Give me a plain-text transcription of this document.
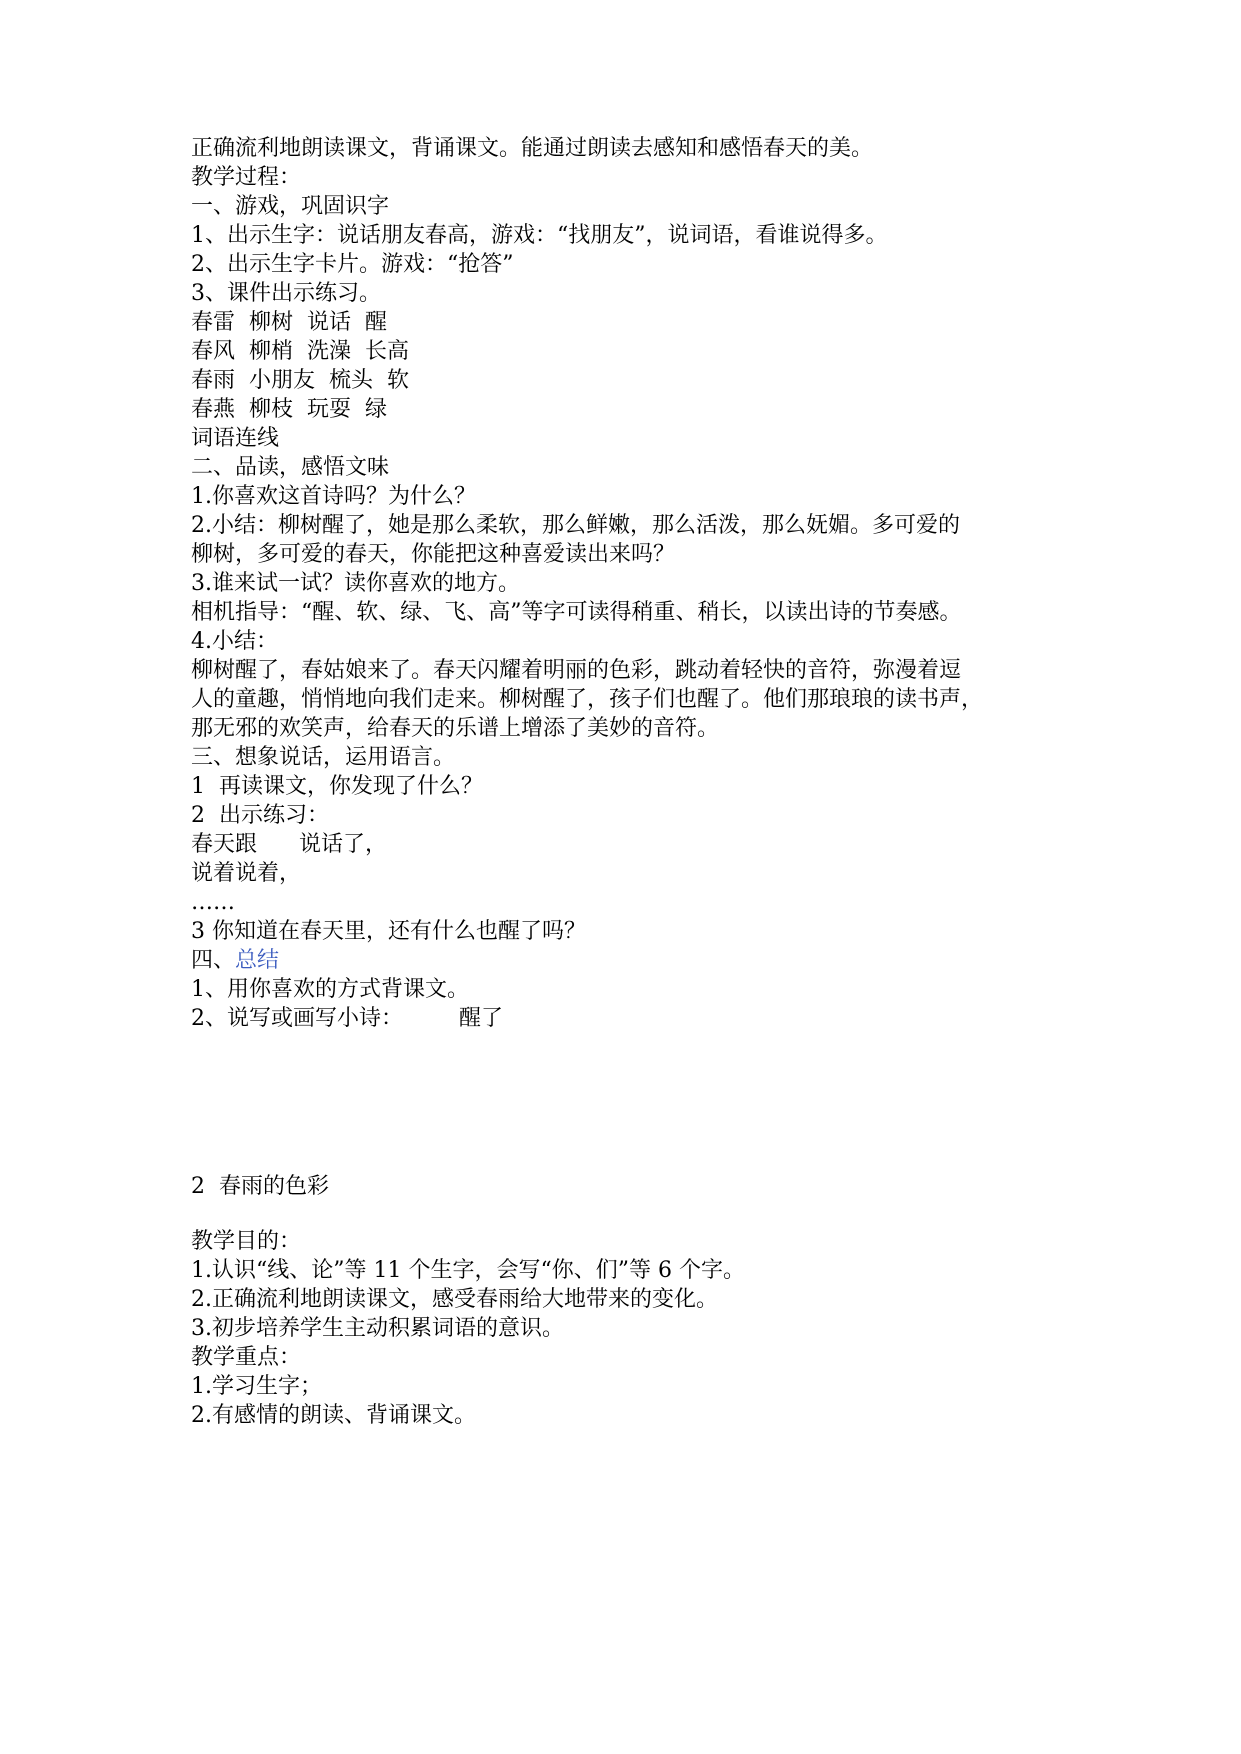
正确流利地朗读课文，背诵课文。能通过朗读去感知和感悟春天的美。
教学过程：
一、游戏，巩固识字
1、出示生字：说话朋友春高，游戏：“找朋友”，说词语，看谁说得多。
2、出示生字卡片。游戏：“抢答”
3、课件出示练习。
春雷  柳树  说话  醒
春风  柳梢  洗澡  长高
春雨  小朋友  梳头  软
春燕  柳枝  玩耍  绿
词语连线
二、品读，感悟文味
1.你喜欢这首诗吗？为什么？
2.小结：柳树醒了，她是那么柔软，那么鲜嫩，那么活泼，那么妩媚。多可爱的
柳树，多可爱的春天，你能把这种喜爱读出来吗？
3.谁来试一试？读你喜欢的地方。
相机指导：“醒、软、绿、飞、高”等字可读得稍重、稍长，以读出诗的节奏感。
4.小结：
柳树醒了，春姑娘来了。春天闪耀着明丽的色彩，跳动着轻快的音符，弥漫着逗
人的童趣，悄悄地向我们走来。柳树醒了，孩子们也醒了。他们那琅琅的读书声，
那无邪的欢笑声，给春天的乐谱上增添了美妙的音符。
三、想象说话，运用语言。
1  再读课文，你发现了什么？
2  出示练习：
春天跟      说话了，
说着说着，
……
3 你知道在春天里，还有什么也醒了吗？
四、总结
1、用你喜欢的方式背课文。
2、说写或画写小诗：        醒了
2  春雨的色彩
教学目的：
1.认识“线、论”等 11 个生字，会写“你、们”等 6 个字。
2.正确流利地朗读课文，感受春雨给大地带来的变化。
3.初步培养学生主动积累词语的意识。
教学重点：
1.学习生字；
2.有感情的朗读、背诵课文。
